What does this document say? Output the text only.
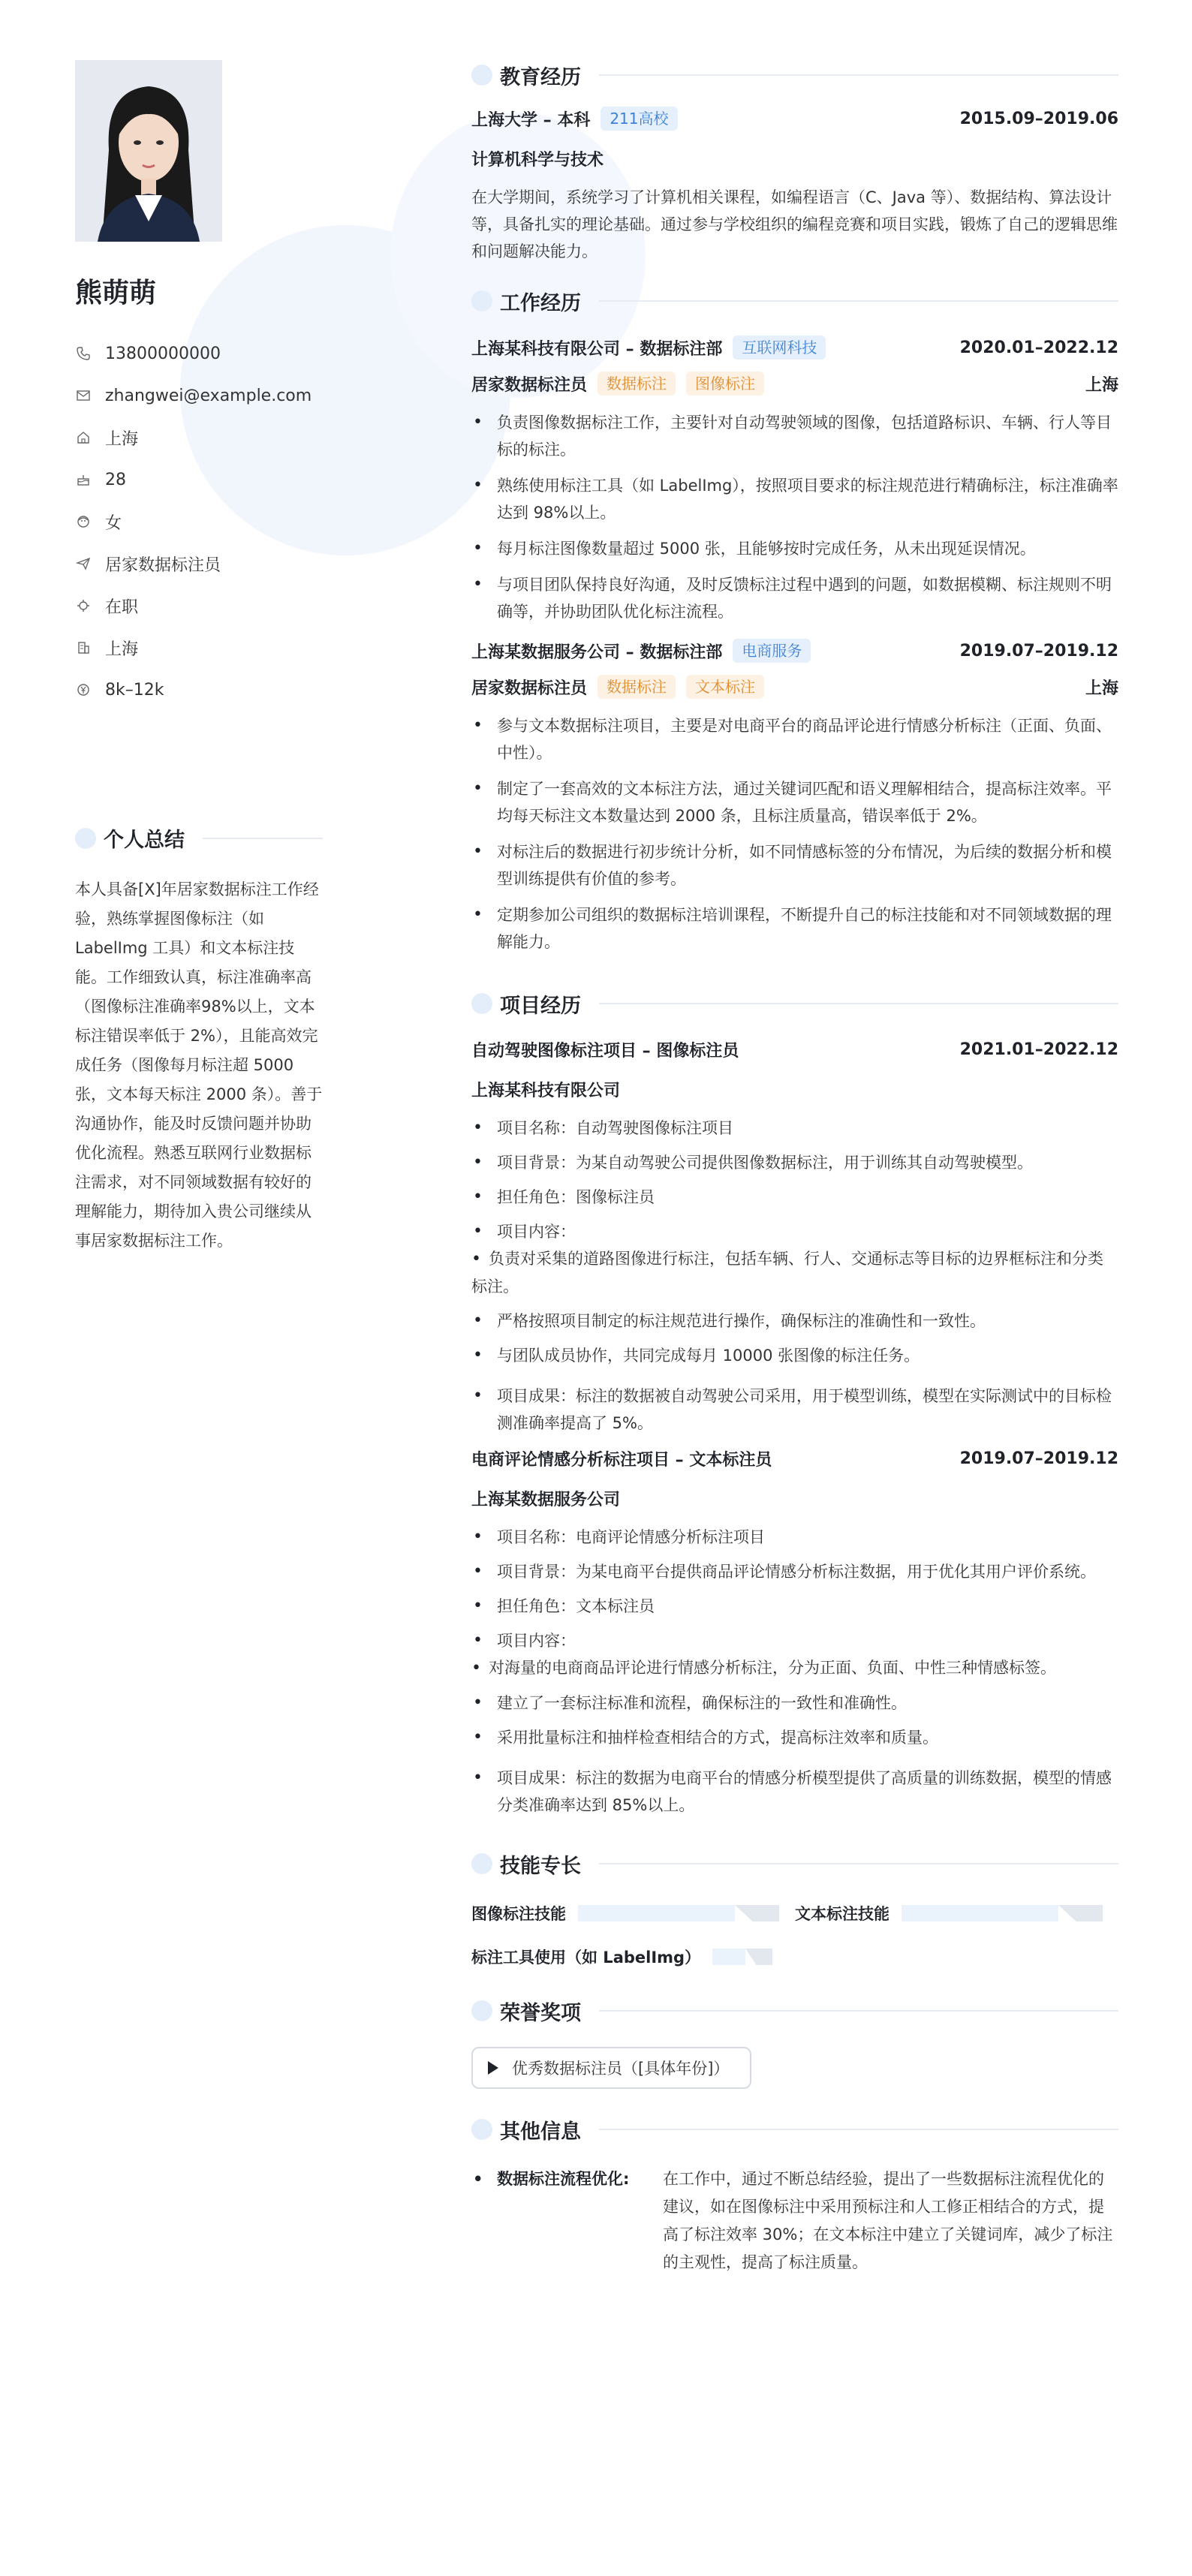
熊萌萌
13800000000
zhangwei@example.com
上海
28
女
居家数据标注员
在职
上海
8k–12k
个人总结
本人具备[X]年居家数据标注工作经验，熟练掌握图像标注（如 LabelImg 工具）和文本标注技能。工作细致认真，标注准确率高（图像标注准确率98%以上，文本标注错误率低于 2%），且能高效完成任务（图像每月标注超 5000 张，文本每天标注 2000 条）。善于沟通协作，能及时反馈问题并协助优化流程。熟悉互联网行业数据标注需求，对不同领域数据有较好的理解能力，期待加入贵公司继续从事居家数据标注工作。
教育经历
上海大学 – 本科	211高校	2015.09–2019.06
计算机科学与技术
在大学期间，系统学习了计算机相关课程，如编程语言（C、Java 等）、数据结构、算法设计等，具备扎实的理论基础。通过参与学校组织的编程竞赛和项目实践，锻炼了自己的逻辑思维和问题解决能力。
工作经历
上海某科技有限公司 – 数据标注部	互联网科技	2020.01–2022.12
居家数据标注员	数据标注	图像标注	上海
• 负责图像数据标注工作，主要针对自动驾驶领域的图像，包括道路标识、车辆、行人等目标的标注。
• 熟练使用标注工具（如 LabelImg），按照项目要求的标注规范进行精确标注，标注准确率达到 98%以上。
• 每月标注图像数量超过 5000 张，且能够按时完成任务，从未出现延误情况。
• 与项目团队保持良好沟通，及时反馈标注过程中遇到的问题，如数据模糊、标注规则不明确等，并协助团队优化标注流程。
上海某数据服务公司 – 数据标注部	电商服务	2019.07–2019.12
居家数据标注员	数据标注	文本标注	上海
• 参与文本数据标注项目，主要是对电商平台的商品评论进行情感分析标注（正面、负面、中性）。
• 制定了一套高效的文本标注方法，通过关键词匹配和语义理解相结合，提高标注效率。平均每天标注文本数量达到 2000 条，且标注质量高，错误率低于 2%。
• 对标注后的数据进行初步统计分析，如不同情感标签的分布情况，为后续的数据分析和模型训练提供有价值的参考。
• 定期参加公司组织的数据标注培训课程，不断提升自己的标注技能和对不同领域数据的理解能力。
项目经历
自动驾驶图像标注项目 – 图像标注员	2021.01–2022.12
上海某科技有限公司
• 项目名称：自动驾驶图像标注项目
• 项目背景：为某自动驾驶公司提供图像数据标注，用于训练其自动驾驶模型。
• 担任角色：图像标注员
• 项目内容：
• 负责对采集的道路图像进行标注，包括车辆、行人、交通标志等目标的边界框标注和分类标注。
• 严格按照项目制定的标注规范进行操作，确保标注的准确性和一致性。
• 与团队成员协作，共同完成每月 10000 张图像的标注任务。
• 项目成果：标注的数据被自动驾驶公司采用，用于模型训练，模型在实际测试中的目标检测准确率提高了 5%。
电商评论情感分析标注项目 – 文本标注员	2019.07–2019.12
上海某数据服务公司
• 项目名称：电商评论情感分析标注项目
• 项目背景：为某电商平台提供商品评论情感分析标注数据，用于优化其用户评价系统。
• 担任角色：文本标注员
• 项目内容：
• 对海量的电商商品评论进行情感分析标注，分为正面、负面、中性三种情感标签。
• 建立了一套标注标准和流程，确保标注的一致性和准确性。
• 采用批量标注和抽样检查相结合的方式，提高标注效率和质量。
• 项目成果：标注的数据为电商平台的情感分析模型提供了高质量的训练数据，模型的情感分类准确率达到 85%以上。
技能专长
图像标注技能	文本标注技能
标注工具使用（如 LabelImg）
荣誉奖项
优秀数据标注员（[具体年份]）
其他信息
• 数据标注流程优化:	在工作中，通过不断总结经验，提出了一些数据标注流程优化的建议，如在图像标注中采用预标注和人工修正相结合的方式，提高了标注效率 30%；在文本标注中建立了关键词库，减少了标注的主观性，提高了标注质量。
